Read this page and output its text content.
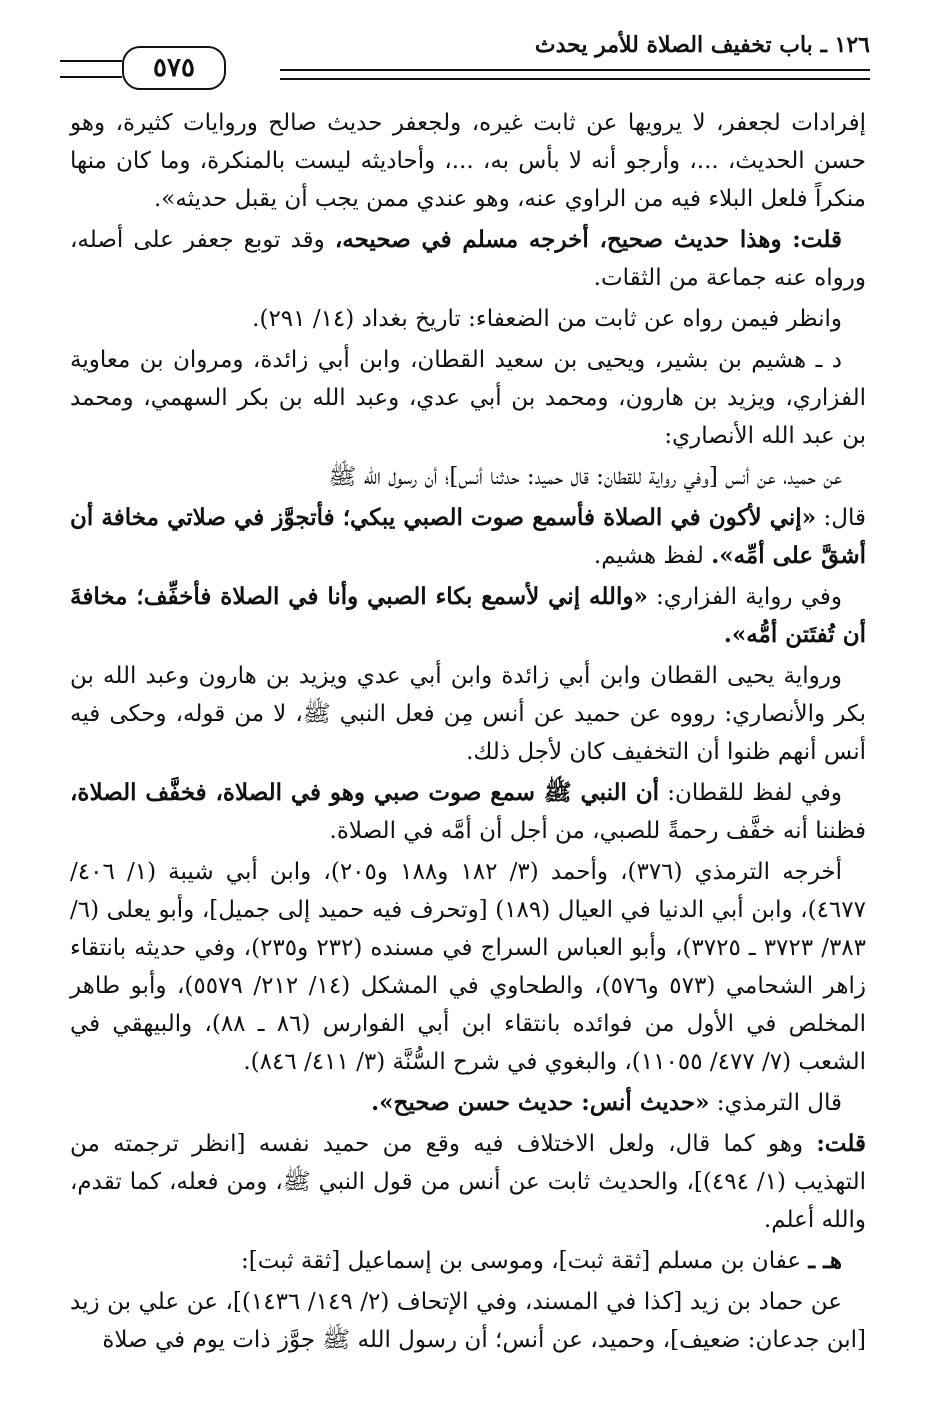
١٢٦ ـ باب تخفيف الصلاة للأمر يحدث
٥٧٥

إفرادات لجعفر، لا يرويها عن ثابت غيره، ولجعفر حديث صالح وروايات كثيرة، وهو حسن الحديث، ...، وأرجو أنه لا بأس به، ...، وأحاديثه ليست بالمنكرة، وما كان منها منكراً فلعل البلاء فيه من الراوي عنه، وهو عندي ممن يجب أن يقبل حديثه».

قلت: وهذا حديث صحيح، أخرجه مسلم في صحيحه، وقد توبع جعفر على أصله، ورواه عنه جماعة من الثقات.

وانظر فيمن رواه عن ثابت من الضعفاء: تاريخ بغداد (١٤/ ٢٩١).

د ـ هشيم بن بشير، ويحيى بن سعيد القطان، وابن أبي زائدة، ومروان بن معاوية الفزاري، ويزيد بن هارون، ومحمد بن أبي عدي، وعبد الله بن بكر السهمي، ومحمد بن عبد الله الأنصاري:

عن حميد، عن أنس [وفي رواية للقطان: قال حميد: حدثنا أنس]؛ أن رسول الله ﷺ

قال: «إني لأكون في الصلاة فأسمع صوت الصبي يبكي؛ فأتجوَّز في صلاتي مخافة أن أشقَّ على أمِّه». لفظ هشيم.

وفي رواية الفزاري: «والله إني لأسمع بكاء الصبي وأنا في الصلاة فأخفِّف؛ مخافةَ أن تُفتَتن أمُّه».

ورواية يحيى القطان وابن أبي زائدة وابن أبي عدي ويزيد بن هارون وعبد الله بن بكر والأنصاري: رووه عن حميد عن أنس مِن فعل النبي ﷺ، لا من قوله، وحكى فيه أنس أنهم ظنوا أن التخفيف كان لأجل ذلك.

وفي لفظ للقطان: أن النبي ﷺ سمع صوت صبي وهو في الصلاة، فخفَّف الصلاة، فظننا أنه خفَّف رحمةً للصبي، من أجل أن أمَّه في الصلاة.

أخرجه الترمذي (٣٧٦)، وأحمد (٣/ ١٨٢ و١٨٨ و٢٠٥)، وابن أبي شيبة (١/ ٤٠٦/ ٤٦٧٧)، وابن أبي الدنيا في العيال (١٨٩) [وتحرف فيه حميد إلى جميل]، وأبو يعلى (٦/ ٣٨٣/ ٣٧٢٣ ـ ٣٧٢٥)، وأبو العباس السراج في مسنده (٢٣٢ و٢٣٥)، وفي حديثه بانتقاء زاهر الشحامي (٥٧٣ و٥٧٦)، والطحاوي في المشكل (١٤/ ٢١٢/ ٥٥٧٩)، وأبو طاهر المخلص في الأول من فوائده بانتقاء ابن أبي الفوارس (٨٦ ـ ٨٨)، والبيهقي في الشعب (٧/ ٤٧٧/ ١١٠٥٥)، والبغوي في شرح السُّنَّة (٣/ ٤١١/ ٨٤٦).

قال الترمذي: «حديث أنس: حديث حسن صحيح».

قلت: وهو كما قال، ولعل الاختلاف فيه وقع من حميد نفسه [انظر ترجمته من التهذيب (١/ ٤٩٤)]، والحديث ثابت عن أنس من قول النبي ﷺ، ومن فعله، كما تقدم، والله أعلم.

هـ ـ عفان بن مسلم [ثقة ثبت]، وموسى بن إسماعيل [ثقة ثبت]:

عن حماد بن زيد [كذا في المسند، وفي الإتحاف (٢/ ١٤٩/ ١٤٣٦)]، عن علي بن زيد [ابن جدعان: ضعيف]، وحميد، عن أنس؛ أن رسول الله ﷺ جوَّز ذات يوم في صلاة
